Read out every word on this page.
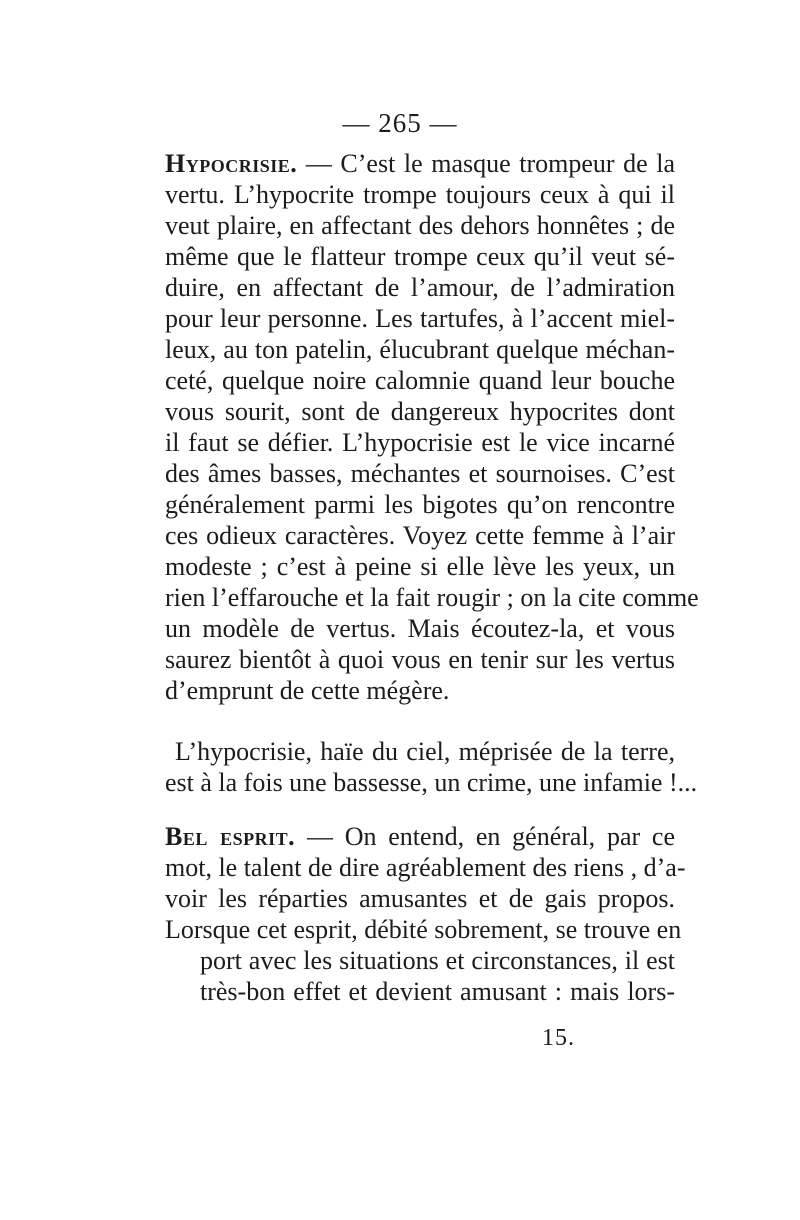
— 265 —
Hypocrisie. — C’est le masque trompeur de la
vertu. L’hypocrite trompe toujours ceux à qui il
veut plaire, en affectant des dehors honnêtes ; de
même que le flatteur trompe ceux qu’il veut sé-
duire, en affectant de l’amour, de l’admiration
pour leur personne. Les tartufes, à l’accent miel-
leux, au ton patelin, élucubrant quelque méchan-
ceté, quelque noire calomnie quand leur bouche
vous sourit, sont de dangereux hypocrites dont
il faut se défier. L’hypocrisie est le vice incarné
des âmes basses, méchantes et sournoises. C’est
généralement parmi les bigotes qu’on rencontre
ces odieux caractères. Voyez cette femme à l’air
modeste ; c’est à peine si elle lève les yeux, un
rien l’effarouche et la fait rougir ; on la cite comme
un modèle de vertus. Mais écoutez-la, et vous
saurez bientôt à quoi vous en tenir sur les vertus
d’emprunt de cette mégère.
L’hypocrisie, haïe du ciel, méprisée de la terre,
est à la fois une bassesse, un crime, une infamie !...
Bel esprit. — On entend, en général, par ce
mot, le talent de dire agréablement des riens , d’a-
voir les réparties amusantes et de gais propos.
Lorsque cet esprit, débité sobrement, se trouve en
port avec les situations et circonstances, il est
très-bon effet et devient amusant : mais lors-
15.
